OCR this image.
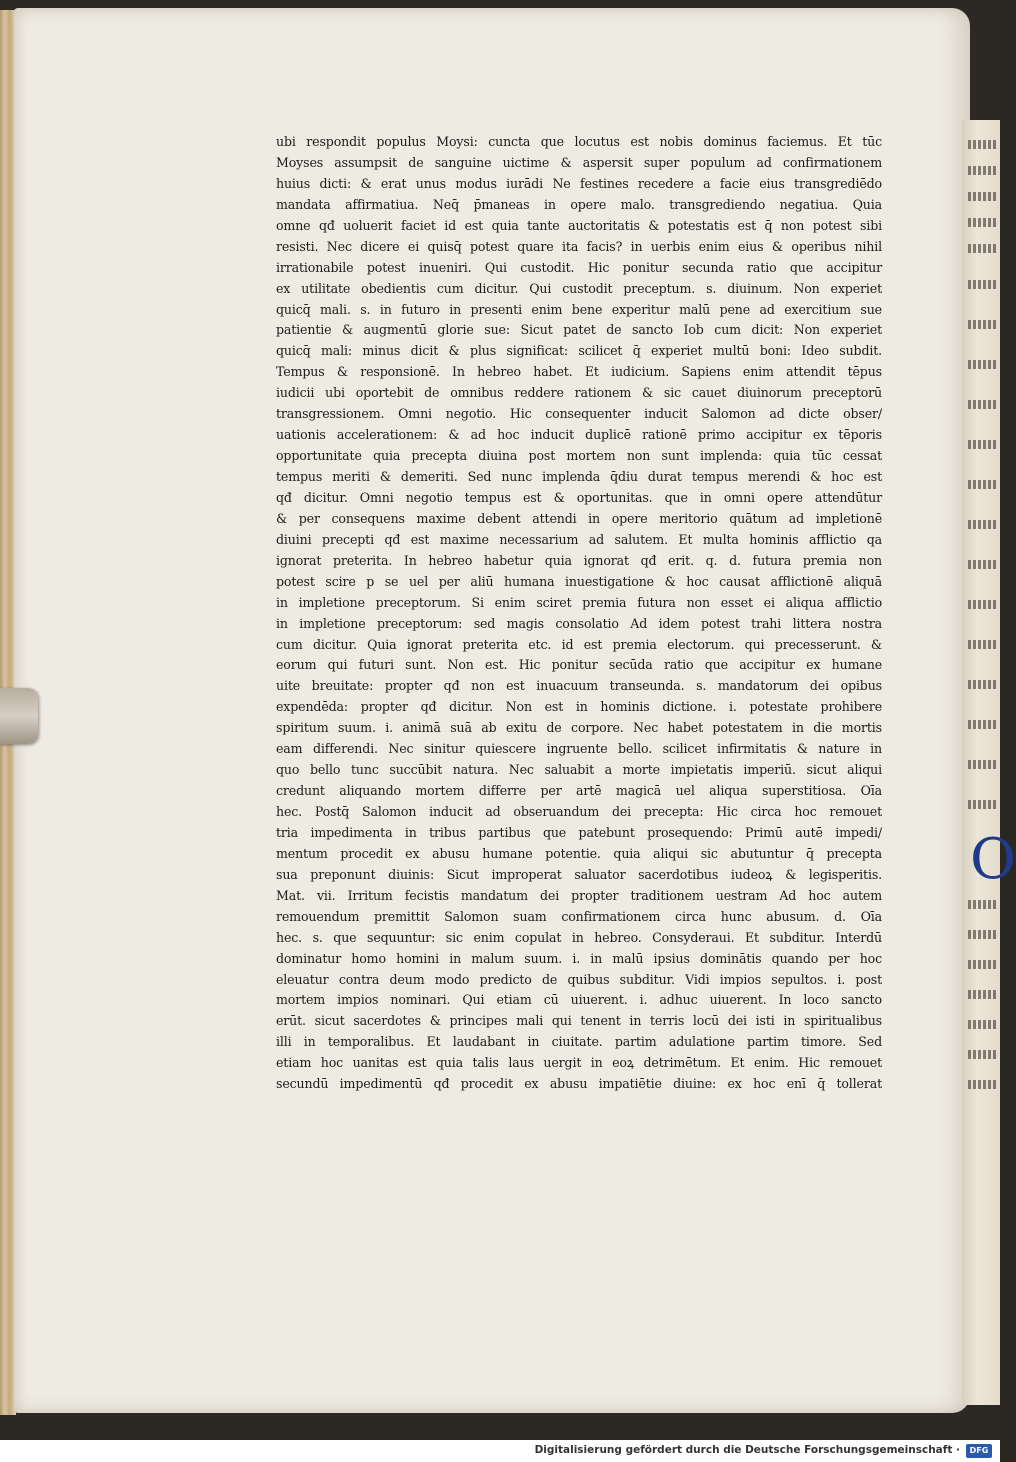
O
ubi respondit populus Moysi: cuncta que locutus est nobis dominus faciemus. Et tūc
Moyses assumpsit de sanguine uictime & aspersit super populum ad confirmationem
huius dicti: & erat unus modus iurādi Ne festines recedere a facie eius transgrediēdo
mandata affirmatiua. Neq̄ p̄maneas in opere malo. transgrediendo negatiua. Quia
omne qđ uoluerit faciet id est quia tante auctoritatis & potestatis est q̄ non potest sibi
resisti. Nec dicere ei quisq̄ potest quare ita facis? in uerbis enim eius & operibus nihil
irrationabile potest inueniri. Qui custodit. Hic ponitur secunda ratio que accipitur
ex utilitate obedientis cum dicitur. Qui custodit preceptum. s. diuinum. Non experiet
quicq̄ mali. s. in futuro in presenti enim bene experitur malū pene ad exercitium sue
patientie & augmentū glorie sue: Sicut patet de sancto Iob cum dicit: Non experiet
quicq̄ mali: minus dicit & plus significat: scilicet q̄ experiet multū boni: Ideo subdit.
Tempus & responsionē. In hebreo habet. Et iudicium. Sapiens enim attendit tēpus
iudicii ubi oportebit de omnibus reddere rationem & sic cauet diuinorum preceptorū
transgressionem. Omni negotio. Hic consequenter inducit Salomon ad dicte obser/
uationis accelerationem: & ad hoc inducit duplicē rationē primo accipitur ex tēporis
opportunitate quia precepta diuina post mortem non sunt implenda: quia tūc cessat
tempus meriti & demeriti. Sed nunc implenda q̄diu durat tempus merendi & hoc est
qđ dicitur. Omni negotio tempus est & oportunitas. que in omni opere attendūtur
& per consequens maxime debent attendi in opere meritorio quātum ad impletionē
diuini precepti qđ est maxime necessarium ad salutem. Et multa hominis afflictio qa
ignorat preterita. In hebreo habetur quia ignorat qđ erit. q. d. futura premia non
potest scire p se uel per aliū humana inuestigatione & hoc causat afflictionē aliquā
in impletione preceptorum. Si enim sciret premia futura non esset ei aliqua afflictio
in impletione preceptorum: sed magis consolatio Ad idem potest trahi littera nostra
cum dicitur. Quia ignorat preterita etc. id est premia electorum. qui precesserunt. &
eorum qui futuri sunt. Non est. Hic ponitur secūda ratio que accipitur ex humane
uite breuitate: propter qđ non est inuacuum transeunda. s. mandatorum dei opibus
expendēda: propter qđ dicitur. Non est in hominis dictione. i. potestate prohibere
spiritum suum. i. animā suā ab exitu de corpore. Nec habet potestatem in die mortis
eam differendi. Nec sinitur quiescere ingruente bello. scilicet infirmitatis & nature in
quo bello tunc succūbit natura. Nec saluabit a morte impietatis imperiū. sicut aliqui
credunt aliquando mortem differre per artē magicā uel aliqua superstitiosa. Oīa
hec. Postq̄ Salomon inducit ad obseruandum dei precepta: Hic circa hoc remouet
tria impedimenta in tribus partibus que patebunt prosequendo: Primū autē impedi/
mentum procedit ex abusu humane potentie. quia aliqui sic abutuntur q̄ precepta
sua preponunt diuinis: Sicut improperat saluator sacerdotibus iudeoꝝ & legisperitis.
Mat. vii. Irritum fecistis mandatum dei propter traditionem uestram Ad hoc autem
remouendum premittit Salomon suam confirmationem circa hunc abusum. d. Oīa
hec. s. que sequuntur: sic enim copulat in hebreo. Consyderaui. Et subditur. Interdū
dominatur homo homini in malum suum. i. in malū ipsius dominātis quando per hoc
eleuatur contra deum modo predicto de quibus subditur. Vidi impios sepultos. i. post
mortem impios nominari. Qui etiam cū uiuerent. i. adhuc uiuerent. In loco sancto
erūt. sicut sacerdotes & principes mali qui tenent in terris locū dei isti in spiritualibus
illi in temporalibus. Et laudabant in ciuitate. partim adulatione partim timore. Sed
etiam hoc uanitas est quia talis laus uergit in eoꝝ detrimētum. Et enim. Hic remouet
secundū impedimentū qđ procedit ex abusu impatiētie diuine: ex hoc enī q̄ tollerat
Digitalisierung gefördert durch die Deutsche Forschungsgemeinschaft ·	DFG
